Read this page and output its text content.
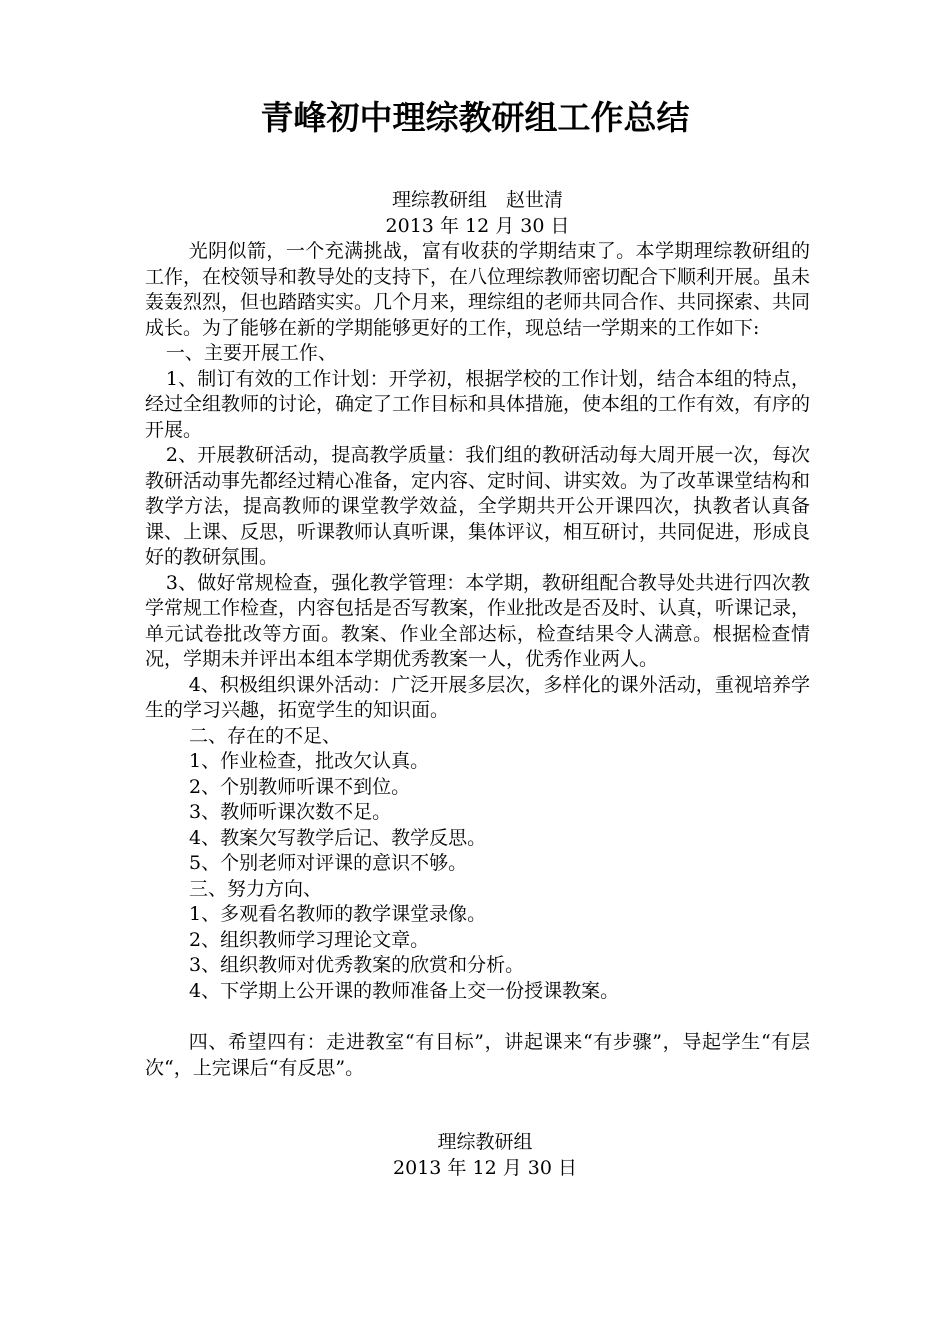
青峰初中理综教研组工作总结
理综教研组　赵世清
2013 年 12 月 30 日
光阴似箭，一个充满挑战，富有收获的学期结束了。本学期理综教研组的工作，在校领导和教导处的支持下，在八位理综教师密切配合下顺利开展。虽未轰轰烈烈，但也踏踏实实。几个月来，理综组的老师共同合作、共同探索、共同成长。为了能够在新的学期能够更好的工作，现总结一学期来的工作如下:
一、主要开展工作、
1、制订有效的工作计划：开学初，根据学校的工作计划，结合本组的特点，经过全组教师的讨论，确定了工作目标和具体措施，使本组的工作有效，有序的开展。
2、开展教研活动，提高教学质量：我们组的教研活动每大周开展一次，每次教研活动事先都经过精心准备，定内容、定时间、讲实效。为了改革课堂结构和教学方法，提高教师的课堂教学效益，全学期共开公开课四次，执教者认真备课、上课、反思，听课教师认真听课，集体评议，相互研讨，共同促进，形成良好的教研氛围。
3、做好常规检查，强化教学管理：本学期，教研组配合教导处共进行四次教学常规工作检查，内容包括是否写教案，作业批改是否及时、认真，听课记录，单元试卷批改等方面。教案、作业全部达标，检查结果令人满意。根据检查情况，学期未并评出本组本学期优秀教案一人，优秀作业两人。
4、积极组织课外活动：广泛开展多层次，多样化的课外活动，重视培养学生的学习兴趣，拓宽学生的知识面。
二、存在的不足、
1、作业检查，批改欠认真。
2、个别教师听课不到位。
3、教师听课次数不足。
4、教案欠写教学后记、教学反思。
5、个别老师对评课的意识不够。
三、努力方向、
1、多观看名教师的教学课堂录像。
2、组织教师学习理论文章。
3、组织教师对优秀教案的欣赏和分析。
4、下学期上公开课的教师准备上交一份授课教案。
四、希望四有：走进教室“有目标”，讲起课来“有步骤”，导起学生“有层次“，上完课后“有反思”。
理综教研组
2013 年 12 月 30 日
